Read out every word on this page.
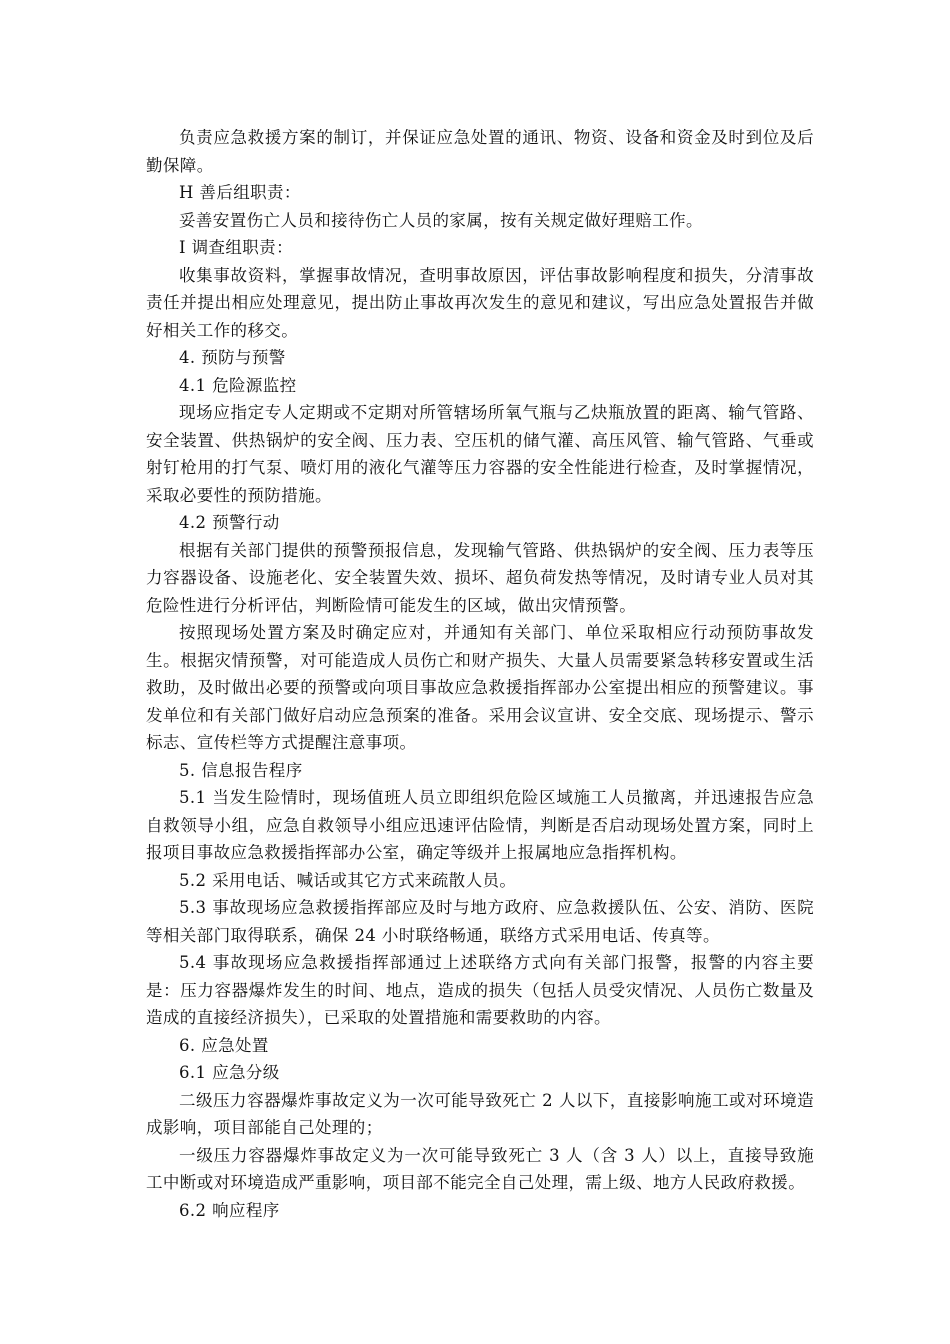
负责应急救援方案的制订，并保证应急处置的通讯、物资、设备和资金及时到位及后勤保障。

H 善后组职责：

妥善安置伤亡人员和接待伤亡人员的家属，按有关规定做好理赔工作。

I 调查组职责：

收集事故资料，掌握事故情况，查明事故原因，评估事故影响程度和损失，分清事故责任并提出相应处理意见，提出防止事故再次发生的意见和建议，写出应急处置报告并做好相关工作的移交。

4. 预防与预警

4.1 危险源监控

现场应指定专人定期或不定期对所管辖场所氧气瓶与乙炔瓶放置的距离、输气管路、安全装置、供热锅炉的安全阀、压力表、空压机的储气灌、高压风管、输气管路、气垂或射钉枪用的打气泵、喷灯用的液化气灌等压力容器的安全性能进行检查，及时掌握情况，采取必要性的预防措施。

4.2 预警行动

根据有关部门提供的预警预报信息，发现输气管路、供热锅炉的安全阀、压力表等压力容器设备、设施老化、安全装置失效、损坏、超负荷发热等情况，及时请专业人员对其危险性进行分析评估，判断险情可能发生的区域，做出灾情预警。

按照现场处置方案及时确定应对，并通知有关部门、单位采取相应行动预防事故发生。根据灾情预警，对可能造成人员伤亡和财产损失、大量人员需要紧急转移安置或生活救助，及时做出必要的预警或向项目事故应急救援指挥部办公室提出相应的预警建议。事发单位和有关部门做好启动应急预案的准备。采用会议宣讲、安全交底、现场提示、警示标志、宣传栏等方式提醒注意事项。

5. 信息报告程序

5.1 当发生险情时，现场值班人员立即组织危险区域施工人员撤离，并迅速报告应急自救领导小组，应急自救领导小组应迅速评估险情，判断是否启动现场处置方案，同时上报项目事故应急救援指挥部办公室，确定等级并上报属地应急指挥机构。

5.2 采用电话、喊话或其它方式来疏散人员。

5.3 事故现场应急救援指挥部应及时与地方政府、应急救援队伍、公安、消防、医院等相关部门取得联系，确保 24 小时联络畅通，联络方式采用电话、传真等。

5.4 事故现场应急救援指挥部通过上述联络方式向有关部门报警，报警的内容主要是：压力容器爆炸发生的时间、地点，造成的损失（包括人员受灾情况、人员伤亡数量及造成的直接经济损失），已采取的处置措施和需要救助的内容。

6. 应急处置

6.1 应急分级

二级压力容器爆炸事故定义为一次可能导致死亡 2 人以下，直接影响施工或对环境造成影响，项目部能自己处理的；

一级压力容器爆炸事故定义为一次可能导致死亡 3 人（含 3 人）以上，直接导致施工中断或对环境造成严重影响，项目部不能完全自己处理，需上级、地方人民政府救援。

6.2 响应程序
